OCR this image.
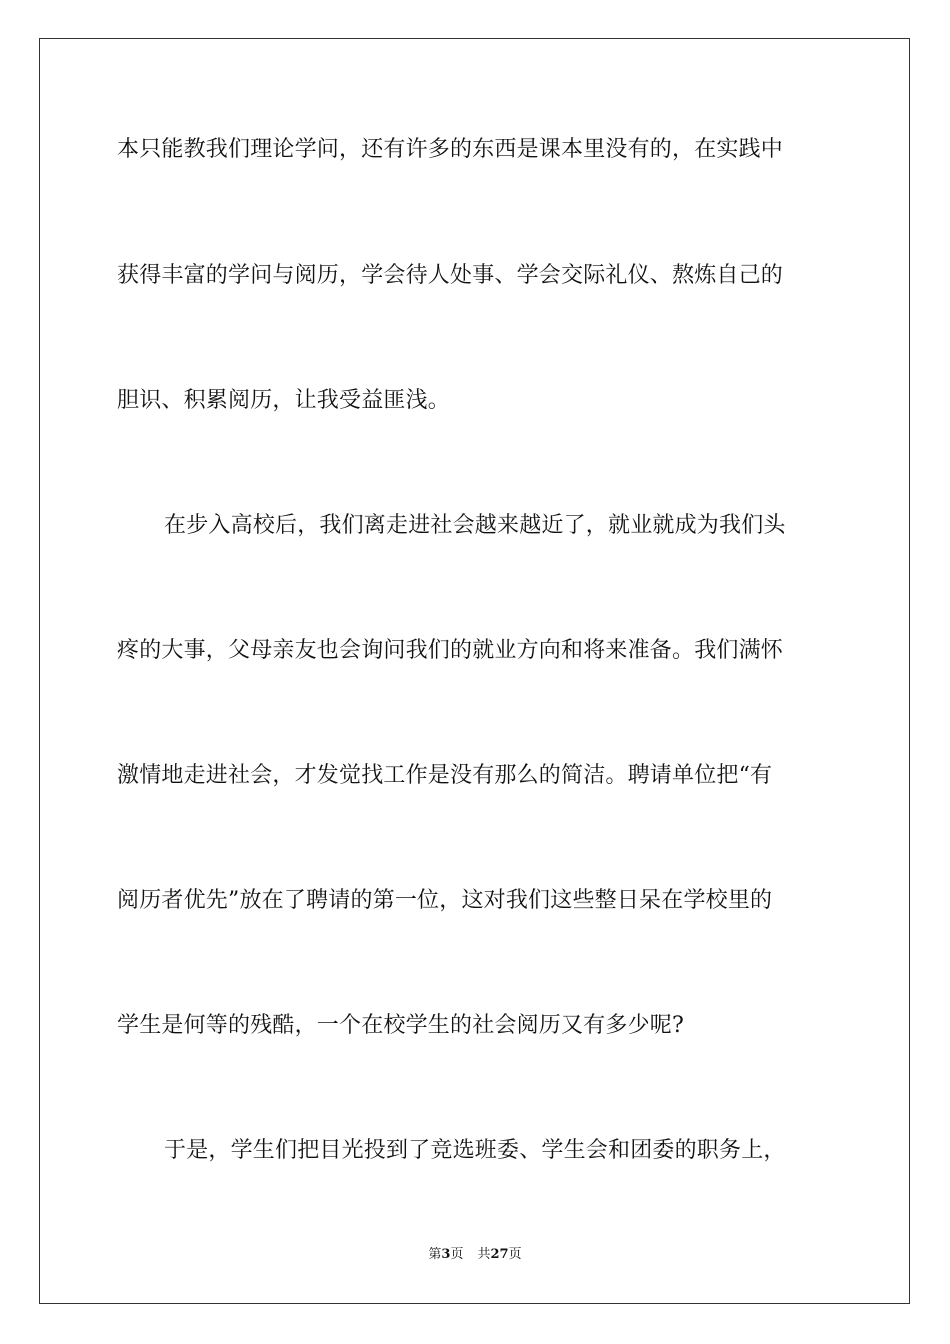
本只能教我们理论学问，还有许多的东西是课本里没有的，在实践中
获得丰富的学问与阅历，学会待人处事、学会交际礼仪、熬炼自己的
胆识、积累阅历，让我受益匪浅。
在步入高校后，我们离走进社会越来越近了，就业就成为我们头
疼的大事，父母亲友也会询问我们的就业方向和将来准备。我们满怀
激情地走进社会，才发觉找工作是没有那么的简洁。聘请单位把“有
阅历者优先”放在了聘请的第一位，这对我们这些整日呆在学校里的
学生是何等的残酷，一个在校学生的社会阅历又有多少呢?
于是，学生们把目光投到了竞选班委、学生会和团委的职务上，
第3页 共27页
